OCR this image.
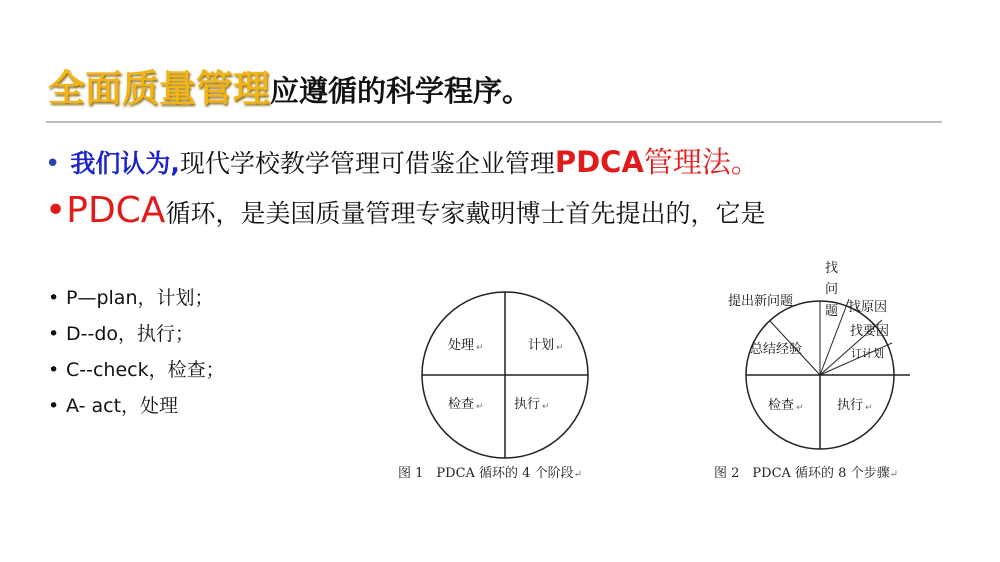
全面质量管理应遵循的科学程序。
• 我们认为,现代学校教学管理可借鉴企业管理PDCA管理法。
•PDCA循环，是美国质量管理专家戴明博士首先提出的，它是
• P—plan，计划；
• D--do，执行；
• C--check，检查；
• A- act，处理
处理 ↵	计划 ↵
检查 ↵ 执行 ↵
图 1　PDCA 循环的 4 个阶段↵
找
问
题
提出新问题	找原因
找要因
总结经验	订计划
检查 ↵	执行 ↵
图 2　PDCA 循环的 8 个步骤↵
